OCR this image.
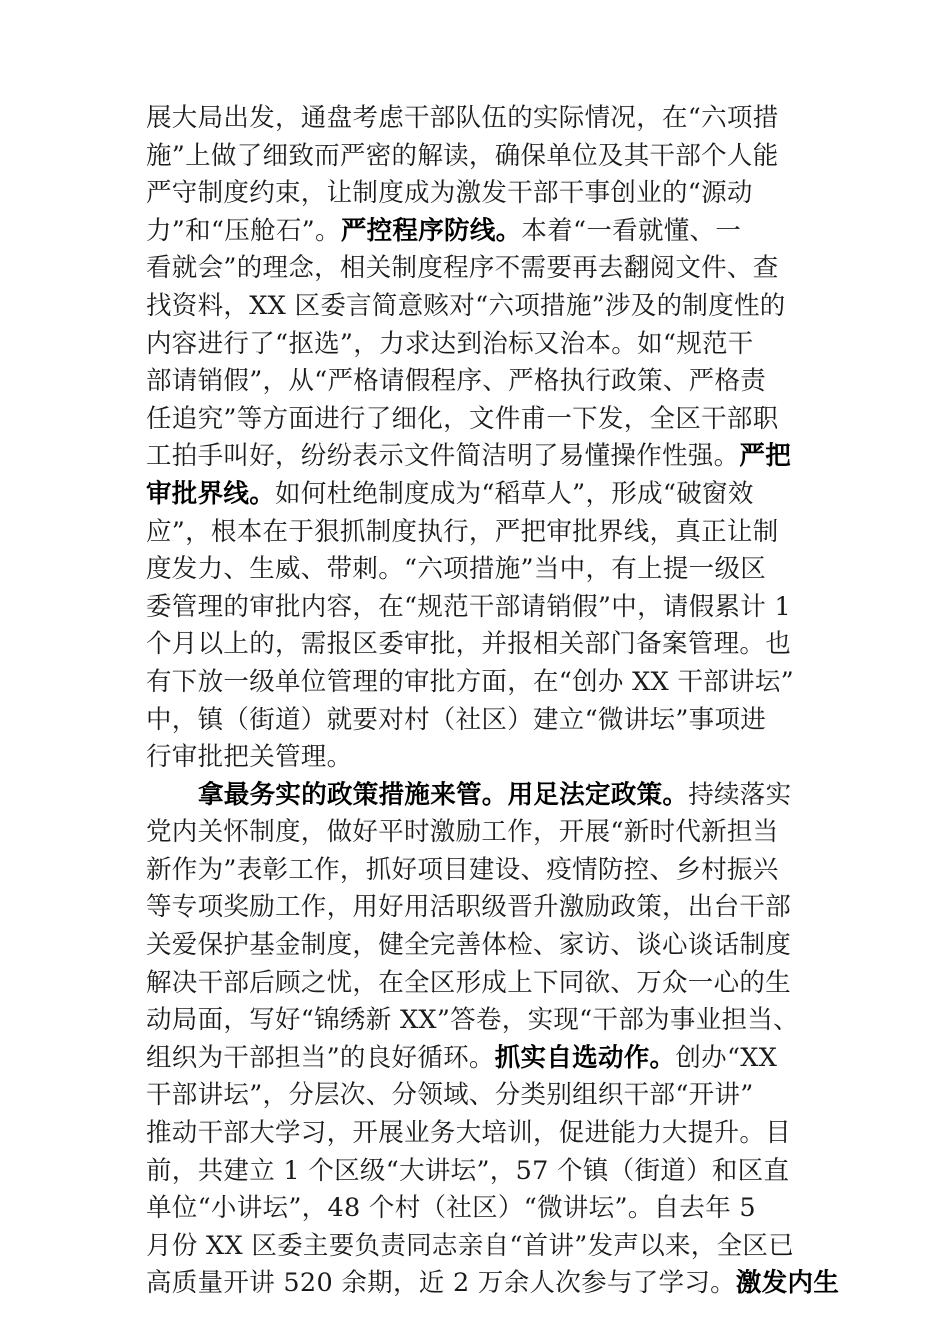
展大局出发，通盘考虑干部队伍的实际情况，在“六项措
施”上做了细致而严密的解读，确保单位及其干部个人能
严守制度约束，让制度成为激发干部干事创业的“源动
力”和“压舱石”。严控程序防线。本着“一看就懂、一
看就会”的理念，相关制度程序不需要再去翻阅文件、查
找资料，XX 区委言简意赅对“六项措施”涉及的制度性的
内容进行了“抠选”，力求达到治标又治本。如“规范干
部请销假”，从“严格请假程序、严格执行政策、严格责
任追究”等方面进行了细化，文件甫一下发，全区干部职
工拍手叫好，纷纷表示文件简洁明了易懂操作性强。严把
审批界线。如何杜绝制度成为“稻草人”，形成“破窗效
应”，根本在于狠抓制度执行，严把审批界线，真正让制
度发力、生威、带刺。“六项措施”当中，有上提一级区
委管理的审批内容，在“规范干部请销假”中，请假累计 1
个月以上的，需报区委审批，并报相关部门备案管理。也
有下放一级单位管理的审批方面，在“创办 XX 干部讲坛”
中，镇（街道）就要对村（社区）建立“微讲坛”事项进
行审批把关管理。
拿最务实的政策措施来管。用足法定政策。持续落实
党内关怀制度，做好平时激励工作，开展“新时代新担当
新作为”表彰工作，抓好项目建设、疫情防控、乡村振兴
等专项奖励工作，用好用活职级晋升激励政策，出台干部
关爱保护基金制度，健全完善体检、家访、谈心谈话制度
解决干部后顾之忧，在全区形成上下同欲、万众一心的生
动局面，写好“锦绣新 XX”答卷，实现“干部为事业担当、
组织为干部担当”的良好循环。抓实自选动作。创办“XX
干部讲坛”，分层次、分领域、分类别组织干部“开讲”
推动干部大学习，开展业务大培训，促进能力大提升。目
前，共建立 1 个区级“大讲坛”，57 个镇（街道）和区直
单位“小讲坛”，48 个村（社区）“微讲坛”。自去年 5
月份 XX 区委主要负责同志亲自“首讲”发声以来，全区已
高质量开讲 520 余期，近 2 万余人次参与了学习。激发内生
